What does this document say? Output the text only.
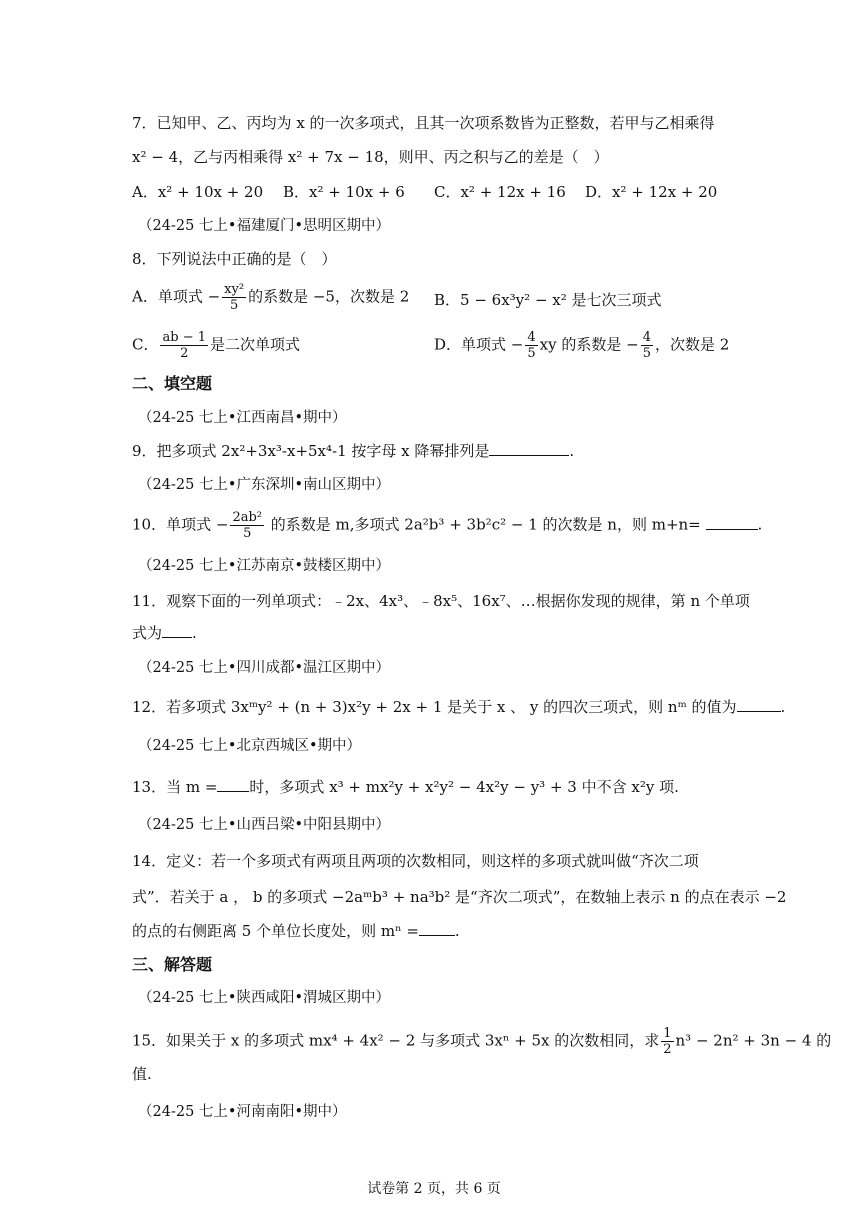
7．已知甲、乙、丙均为 x 的一次多项式，且其一次项系数皆为正整数，若甲与乙相乘得
x² − 4，乙与丙相乘得 x² + 7x − 18，则甲、丙之积与乙的差是（　）
A．x² + 10x + 20 B．x² + 10x + 6 C．x² + 12x + 16 D．x² + 12x + 20
（24-25 七上•福建厦门•思明区期中）
8．下列说法中正确的是（　）
A．单项式 − $\frac{\text{xy²}}{5}$ 的系数是 −5，次数是 2 B．5 − 6x³y² − x² 是七次三项式
C． $\frac{ab - 1}{2}$ 是二次单项式	D．单项式 − $\frac{4}{5}$ xy 的系数是 − $\frac{4}{5}$ ，次数是 2
二、填空题
（24-25 七上•江西南昌•期中）
9．把多项式 2x²+3x³-x+5x⁴-1 按字母 x 降幂排列是	.
（24-25 七上•广东深圳•南山区期中）
10．单项式 − $\frac{\text{2ab²}}{5}$ 的系数是 m,多项式 2a²b³ + 3b²c² − 1 的次数是 n，则 m+n=	.
（24-25 七上•江苏南京•鼓楼区期中）
11．观察下面的一列单项式：﹣2x、4x³、﹣8x⁵、16x⁷、…根据你发现的规律，第 n 个单项
式为 .
（24-25 七上•四川成都•温江区期中）
12．若多项式 3xᵐy² + (n + 3)x²y + 2x + 1 是关于 x 、 y 的四次三项式，则 nᵐ 的值为	.
（24-25 七上•北京西城区•期中）
13．当 m = 时，多项式 x³ + mx²y + x²y² − 4x²y − y³ + 3 中不含 x²y 项.
（24-25 七上•山西吕梁•中阳县期中）
14．定义：若一个多项式有两项且两项的次数相同，则这样的多项式就叫做“齐次二项
式”．若关于 a ， b 的多项式 −2aᵐb³ + na³b² 是“齐次二项式”，在数轴上表示 n 的点在表示 −2
的点的右侧距离 5 个单位长度处，则 mⁿ = .
三、解答题
（24-25 七上•陕西咸阳•渭城区期中）
15．如果关于 x 的多项式 mx⁴ + 4x² − 2 与多项式 3xⁿ + 5x 的次数相同，求 $\frac{1}{2} n^3 - 2n^2 + 3n - 4$ 的
值.
（24-25 七上•河南南阳•期中）
试卷第 2 页，共 6 页
